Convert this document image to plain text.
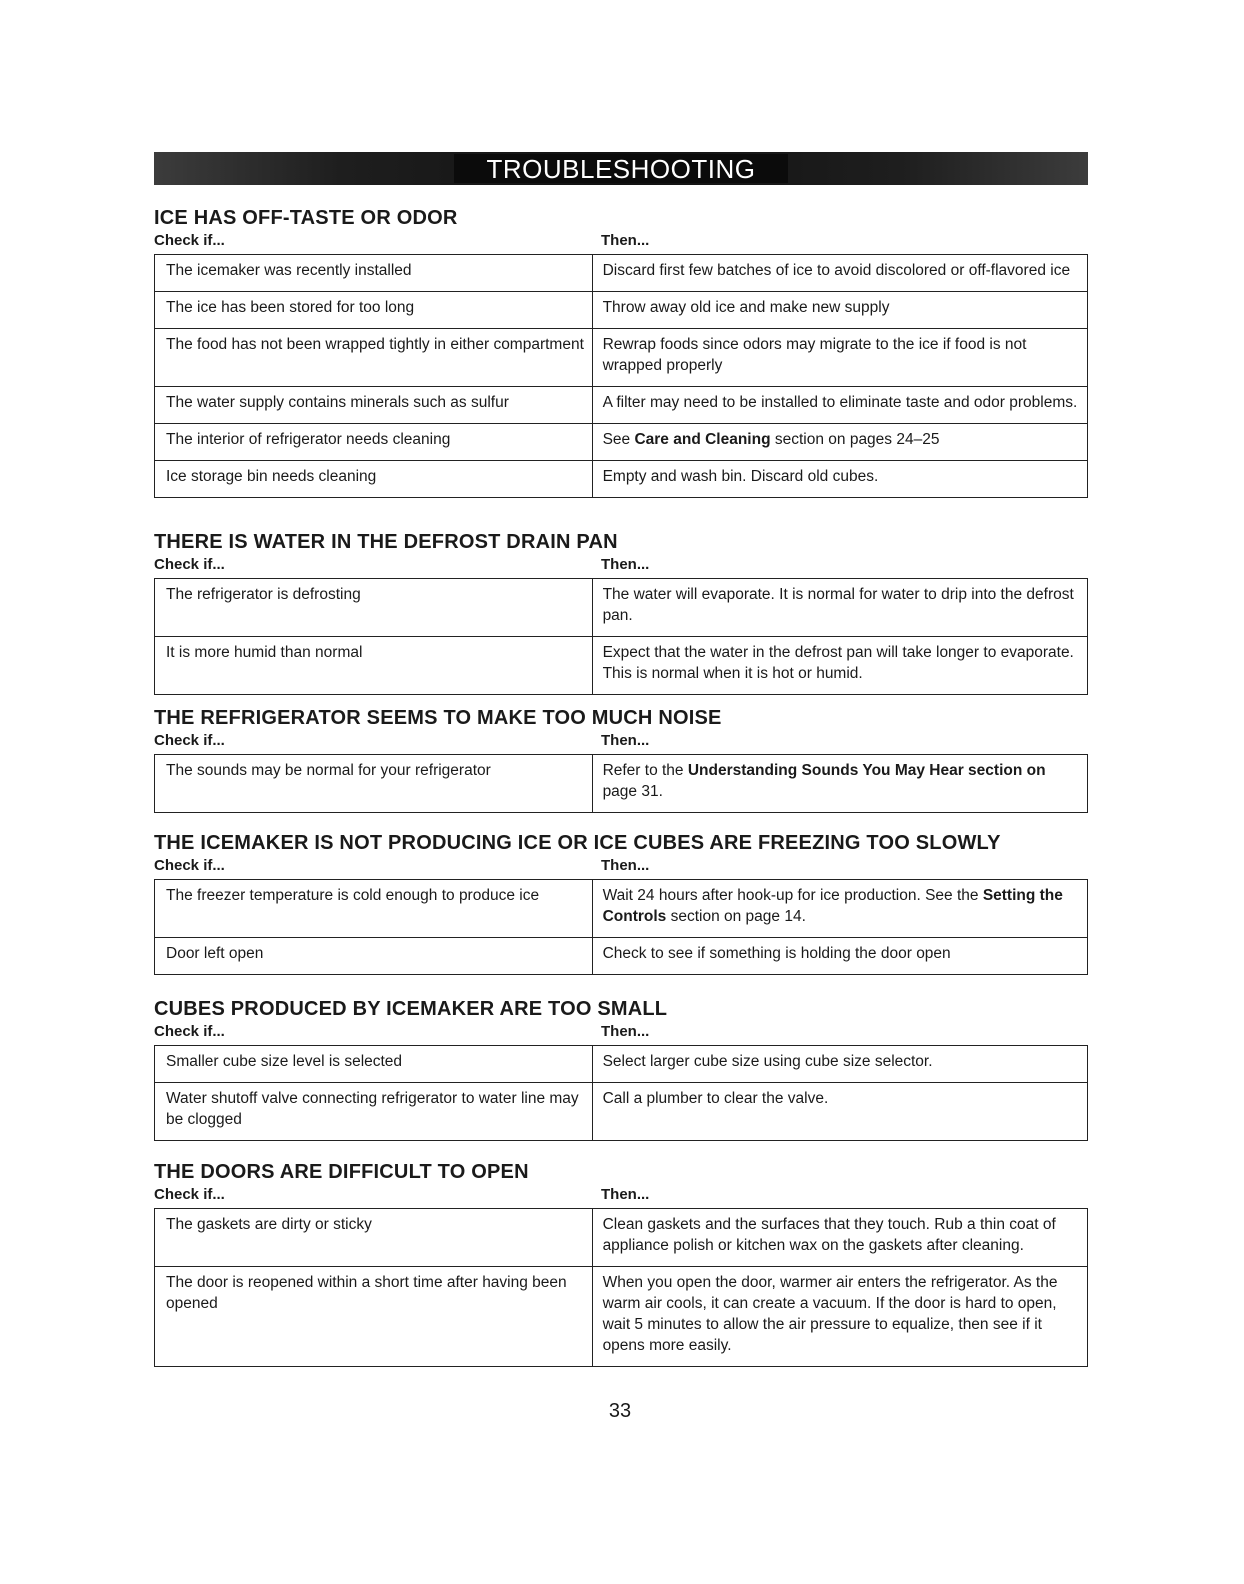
TROUBLESHOOTING GUIDE
ICE HAS OFF-TASTE OR ODOR
Check if...	Then...
The icemaker was recently installed	Discard first few batches of ice to avoid discolored or off-flavored ice
The ice has been stored for too long	Throw away old ice and make new supply
The food has not been wrapped tightly in either compartment	Rewrap foods since odors may migrate to the ice if food is not wrapped properly
The water supply contains minerals such as sulfur	A filter may need to be installed to eliminate taste and odor problems.
The interior of refrigerator needs cleaning	See Care and Cleaning section on pages 24–25
Ice storage bin needs cleaning	Empty and wash bin. Discard old cubes.
THERE IS WATER IN THE DEFROST DRAIN PAN
Check if...	Then...
The refrigerator is defrosting	The water will evaporate. It is normal for water to drip into the defrost pan.
It is more humid than normal	Expect that the water in the defrost pan will take longer to evaporate. This is normal when it is hot or humid.
THE REFRIGERATOR SEEMS TO MAKE TOO MUCH NOISE
Check if...	Then...
The sounds may be normal for your refrigerator	Refer to the Understanding Sounds You May Hear section on page 31.
THE ICEMAKER IS NOT PRODUCING ICE OR ICE CUBES ARE FREEZING TOO SLOWLY
Check if...	Then...
The freezer temperature is cold enough to produce ice	Wait 24 hours after hook-up for ice production. See the Setting the Controls section on page 14.
Door left open	Check to see if something is holding the door open
CUBES PRODUCED BY ICEMAKER ARE TOO SMALL
Check if...	Then...
Smaller cube size level is selected	Select larger cube size using cube size selector.
Water shutoff valve connecting refrigerator to water line may be clogged	Call a plumber to clear the valve.
THE DOORS ARE DIFFICULT TO OPEN
Check if...	Then...
The gaskets are dirty or sticky	Clean gaskets and the surfaces that they touch. Rub a thin coat of appliance polish or kitchen wax on the gaskets after cleaning.
The door is reopened within a short time after having been opened	When you open the door, warmer air enters the refrigerator. As the warm air cools, it can create a vacuum. If the door is hard to open, wait 5 minutes to allow the air pressure to equalize, then see if it opens more easily.
33
